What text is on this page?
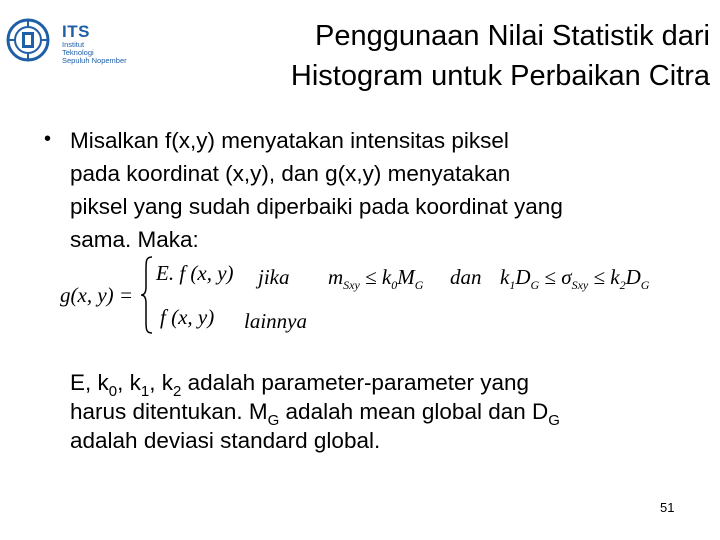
ITS
Institut
Teknologi
Sepuluh Nopember
Penggunaan Nilai Statistik dari
Histogram untuk Perbaikan Citra
• Misalkan f(x,y) menyatakan intensitas piksel
pada koordinat (x,y), dan g(x,y) menyatakan
piksel yang sudah diperbaiki pada koordinat yang
sama. Maka:
g(x, y) =
E. f (x, y) jika $m_{Sxy} \le k_0M_G$ dan $k_1D_G \le \sigma_{Sxy} \le k_2D_G$
f (x, y) lainnya
E, $k_0$, $k_1$, $k_2$ adalah parameter-parameter yang
harus ditentukan. $M_G$ adalah mean global dan $D_G$
adalah deviasi standard global.
51
